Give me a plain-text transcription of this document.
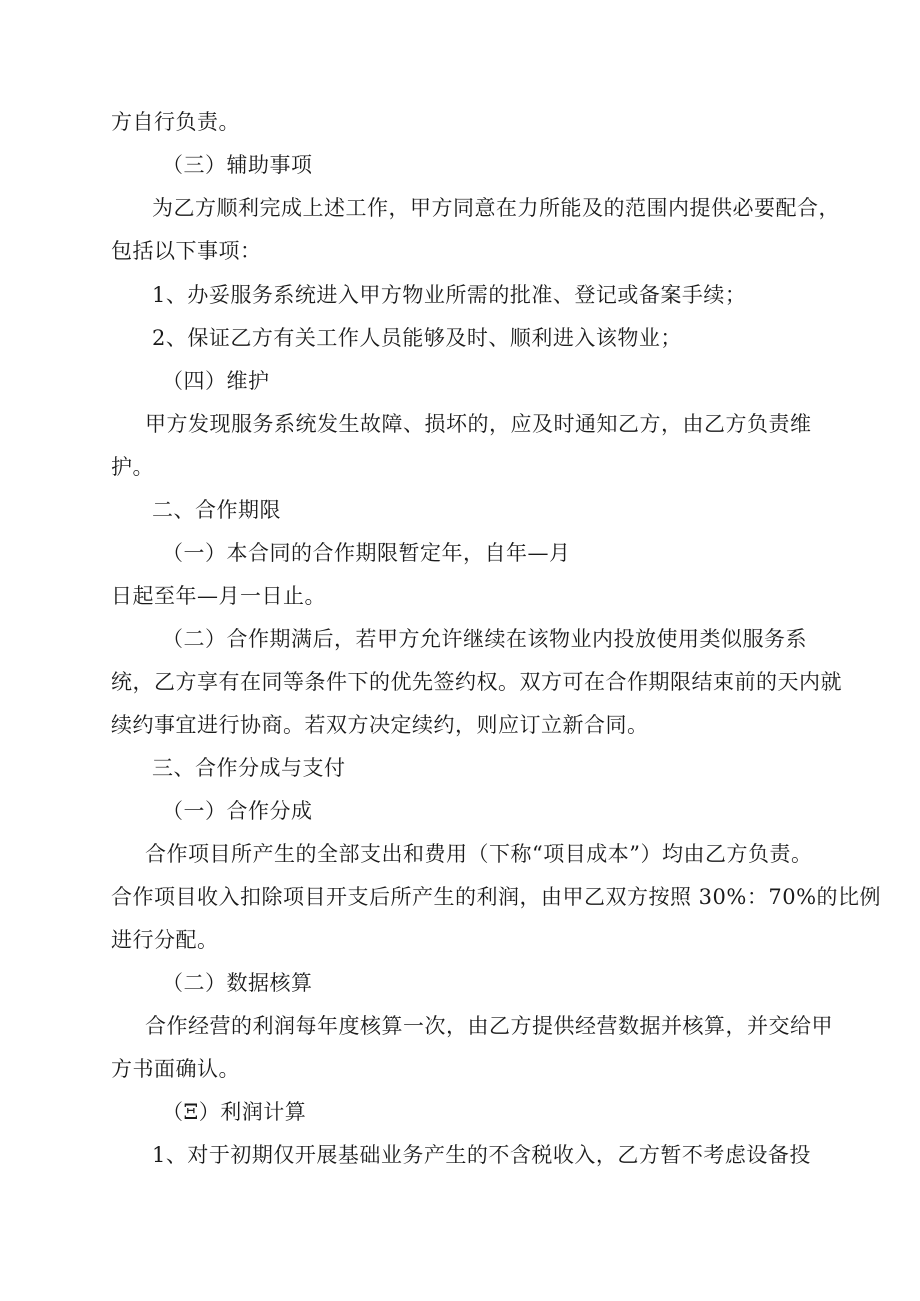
方自行负责。
（三）辅助事项
为乙方顺利完成上述工作，甲方同意在力所能及的范围内提供必要配合，
包括以下事项：
1、办妥服务系统进入甲方物业所需的批准、登记或备案手续；
2、保证乙方有关工作人员能够及时、顺利进入该物业；
（四）维护
甲方发现服务系统发生故障、损坏的，应及时通知乙方，由乙方负责维
护。
二、合作期限
（一）本合同的合作期限暂定年，自年—月
日起至年—月一日止。
（二）合作期满后，若甲方允许继续在该物业内投放使用类似服务系
统，乙方享有在同等条件下的优先签约权。双方可在合作期限结束前的天内就
续约事宜进行协商。若双方决定续约，则应订立新合同。
三、合作分成与支付
（一）合作分成
合作项目所产生的全部支出和费用（下称“项目成本”）均由乙方负责。
合作项目收入扣除项目开支后所产生的利润，由甲乙双方按照 30%：70%的比例
进行分配。
（二）数据核算
合作经营的利润每年度核算一次，由乙方提供经营数据并核算，并交给甲
方书面确认。
（Ξ）利润计算
1、对于初期仅开展基础业务产生的不含税收入，乙方暂不考虑设备投
